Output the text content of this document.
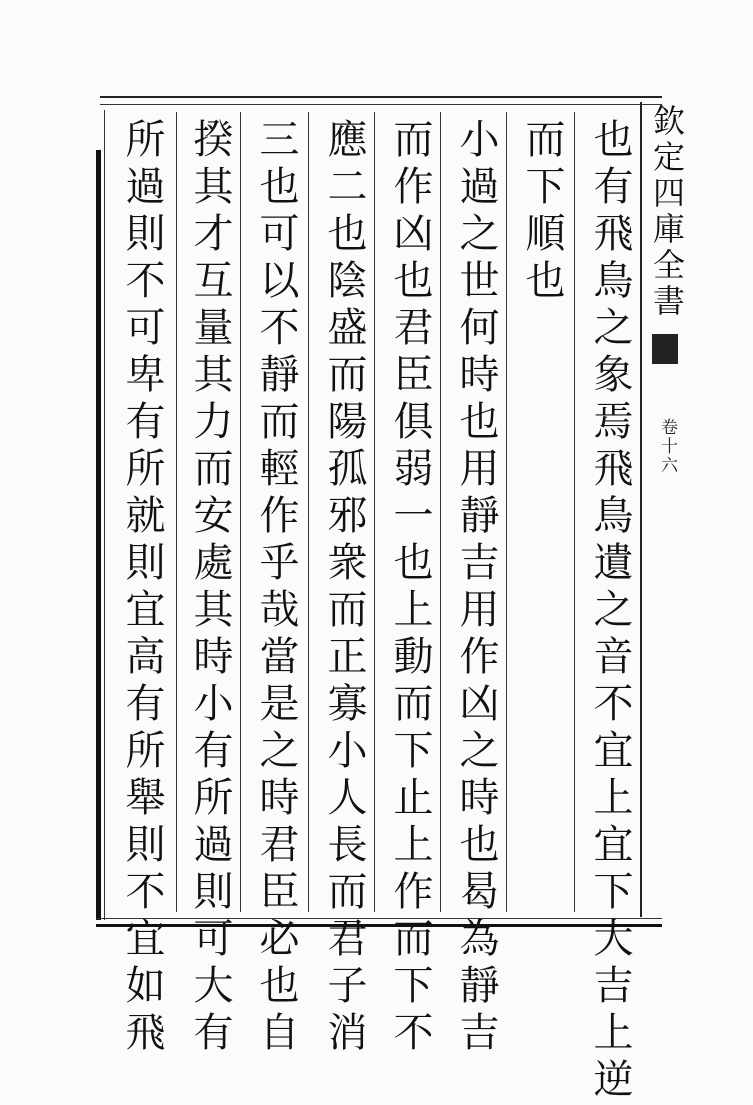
也有飛鳥之象焉飛鳥遺之音不宜上宜下大吉上逆
而下順也
小過之世何時也用靜吉用作凶之時也曷為靜吉
而作凶也君臣俱弱一也上動而下止上作而下不
應二也陰盛而陽孤邪衆而正寡小人長而君子消
三也可以不靜而輕作乎哉當是之時君臣必也自
揆其才互量其力而安處其時小有所過則可大有
所過則不可卑有所就則宜高有所舉則不宜如飛	欽定四庫全書
卷十六
